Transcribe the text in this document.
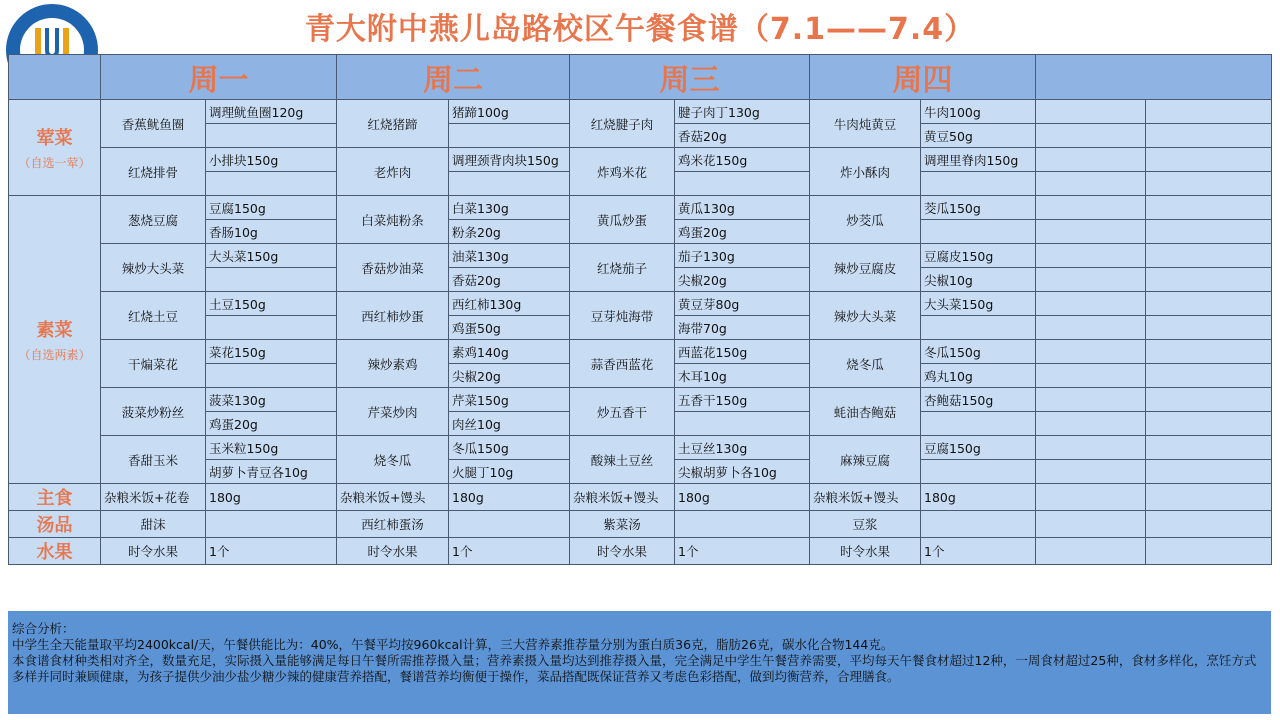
青大附中燕儿岛路校区午餐食谱（7.1——7.4）
	周一		周二		周三		周四			
荤菜
（自选一荤）	香蕉鱿鱼圈	调理鱿鱼圈120g	红烧猪蹄	猪蹄100g	红烧腱子肉	腱子肉丁130g	牛肉炖黄豆	牛肉100g		
						香菇20g		黄豆50g		
	红烧排骨	小排块150g	老炸肉	调理颈背肉块150g	炸鸡米花	鸡米花150g	炸小酥肉	调理里脊肉150g		

素菜
（自选两素）	葱烧豆腐	豆腐150g	白菜炖粉条	白菜130g	黄瓜炒蛋	黄瓜130g	炒茭瓜	茭瓜150g		
		香肠10g		粉条20g		鸡蛋20g				
	辣炒大头菜	大头菜150g	香菇炒油菜	油菜130g	红烧茄子	茄子130g	辣炒豆腐皮	豆腐皮150g		
				香菇20g		尖椒20g		尖椒10g		
	红烧土豆	土豆150g	西红柿炒蛋	西红柿130g	豆芽炖海带	黄豆芽80g	辣炒大头菜	大头菜150g		
				鸡蛋50g		海带70g				
	干煸菜花	菜花150g	辣炒素鸡	素鸡140g	蒜香西蓝花	西蓝花150g	烧冬瓜	冬瓜150g		
				尖椒20g		木耳10g		鸡丸10g		
	菠菜炒粉丝	菠菜130g	芹菜炒肉	芹菜150g	炒五香干	五香干150g	蚝油杏鲍菇	杏鲍菇150g		
		鸡蛋20g		肉丝10g						
	香甜玉米	玉米粒150g	烧冬瓜	冬瓜150g	酸辣土豆丝	土豆丝130g	麻辣豆腐	豆腐150g		
		胡萝卜青豆各10g		火腿丁10g		尖椒胡萝卜各10g				
主食	杂粮米饭+花卷	180g	杂粮米饭+馒头	180g	杂粮米饭+馒头	180g	杂粮米饭+馒头	180g		
汤品	甜沫		西红柿蛋汤		紫菜汤		豆浆			
水果	时令水果	1个	时令水果	1个	时令水果	1个	时令水果	1个		
综合分析：
中学生全天能量取平均2400kcal/天，午餐供能比为：40%，午餐平均按960kcal计算，三大营养素推荐量分别为蛋白质36克，脂肪26克，碳水化合物144克。
本食谱食材种类相对齐全，数量充足，实际摄入量能够满足每日午餐所需推荐摄入量；营养素摄入量均达到推荐摄入量，完全满足中学生午餐营养需要，平均每天午餐食材超过12种，一周食材超过25种，食材多样化，烹饪方式多样并同时兼顾健康，为孩子提供少油少盐少糖少辣的健康营养搭配，餐谱营养均衡便于操作，菜品搭配既保证营养又考虑色彩搭配，做到均衡营养，合理膳食。
